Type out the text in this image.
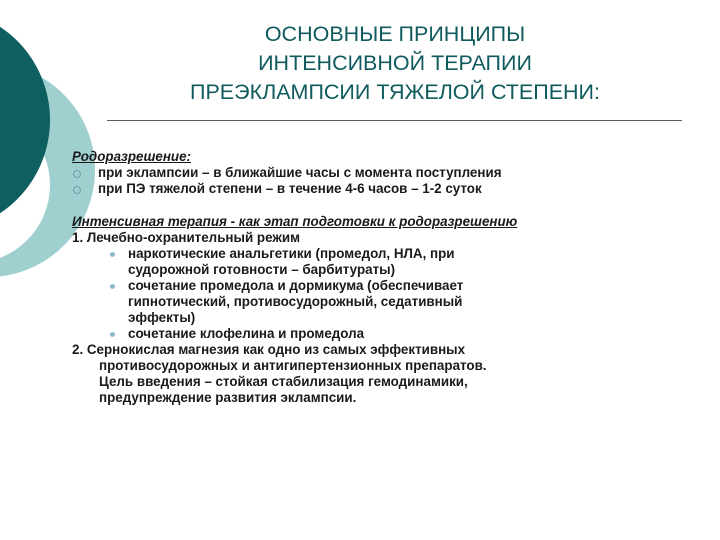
ОСНОВНЫЕ ПРИНЦИПЫ
ИНТЕНСИВНОЙ ТЕРАПИИ
ПРЕЭКЛАМПСИИ ТЯЖЕЛОЙ СТЕПЕНИ:
Родоразрешение:
при эклампсии – в ближайшие часы с момента поступления
при ПЭ тяжелой степени – в течение 4-6 часов – 1-2 суток
Интенсивная терапия - как этап подготовки к родоразрешению
1. Лечебно-охранительный режим
наркотические анальгетики (промедол, НЛА, при
судорожной готовности – барбитураты)
сочетание промедола и дормикума (обеспечивает
гипнотический, противосудорожный, седативный
эффекты)
сочетание клофелина и промедола
2. Сернокислая магнезия как одно из самых эффективных
противосудорожных и антигипертензионных препаратов.
Цель введения – стойкая стабилизация гемодинамики,
предупреждение развития эклампсии.
